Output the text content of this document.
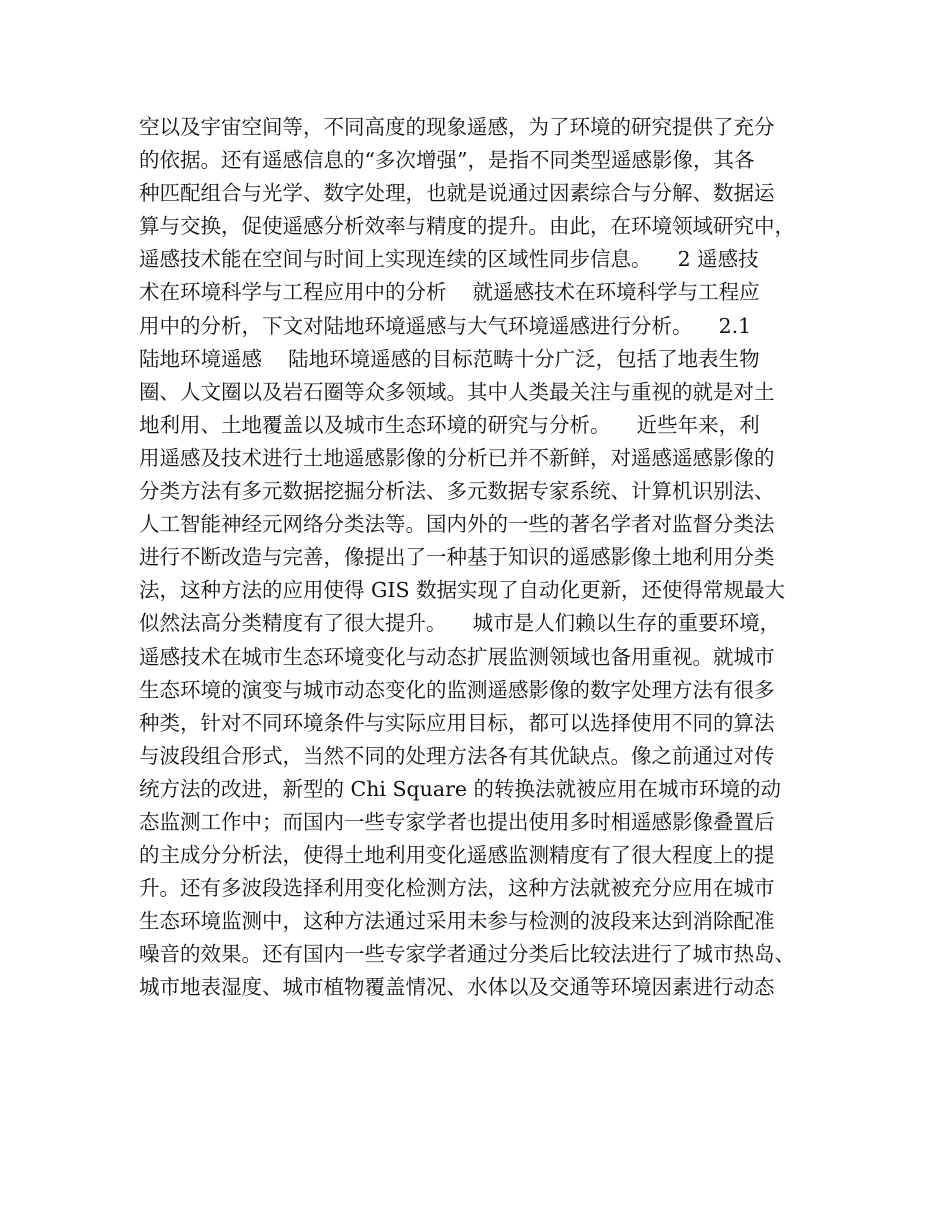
空以及宇宙空间等，不同高度的现象遥感，为了环境的研究提供了充分
的依据。还有遥感信息的“多次增强”，是指不同类型遥感影像，其各
种匹配组合与光学、数字处理，也就是说通过因素综合与分解、数据运
算与交换，促使遥感分析效率与精度的提升。由此，在环境领域研究中，
遥感技术能在空间与时间上实现连续的区域性同步信息。    2 遥感技
术在环境科学与工程应用中的分析    就遥感技术在环境科学与工程应
用中的分析，下文对陆地环境遥感与大气环境遥感进行分析。    2.1
陆地环境遥感    陆地环境遥感的目标范畴十分广泛，包括了地表生物
圈、人文圈以及岩石圈等众多领域。其中人类最关注与重视的就是对土
地利用、土地覆盖以及城市生态环境的研究与分析。    近些年来，利
用遥感及技术进行土地遥感影像的分析已并不新鲜，对遥感遥感影像的
分类方法有多元数据挖掘分析法、多元数据专家系统、计算机识别法、
人工智能神经元网络分类法等。国内外的一些的著名学者对监督分类法
进行不断改造与完善，像提出了一种基于知识的遥感影像土地利用分类
法，这种方法的应用使得 GIS 数据实现了自动化更新，还使得常规最大
似然法高分类精度有了很大提升。    城市是人们赖以生存的重要环境，
遥感技术在城市生态环境变化与动态扩展监测领域也备用重视。就城市
生态环境的演变与城市动态变化的监测遥感影像的数字处理方法有很多
种类，针对不同环境条件与实际应用目标，都可以选择使用不同的算法
与波段组合形式，当然不同的处理方法各有其优缺点。像之前通过对传
统方法的改进，新型的 Chi Square 的转换法就被应用在城市环境的动
态监测工作中；而国内一些专家学者也提出使用多时相遥感影像叠置后
的主成分分析法，使得土地利用变化遥感监测精度有了很大程度上的提
升。还有多波段选择利用变化检测方法，这种方法就被充分应用在城市
生态环境监测中，这种方法通过采用未参与检测的波段来达到消除配准
噪音的效果。还有国内一些专家学者通过分类后比较法进行了城市热岛、
城市地表湿度、城市植物覆盖情况、水体以及交通等环境因素进行动态
